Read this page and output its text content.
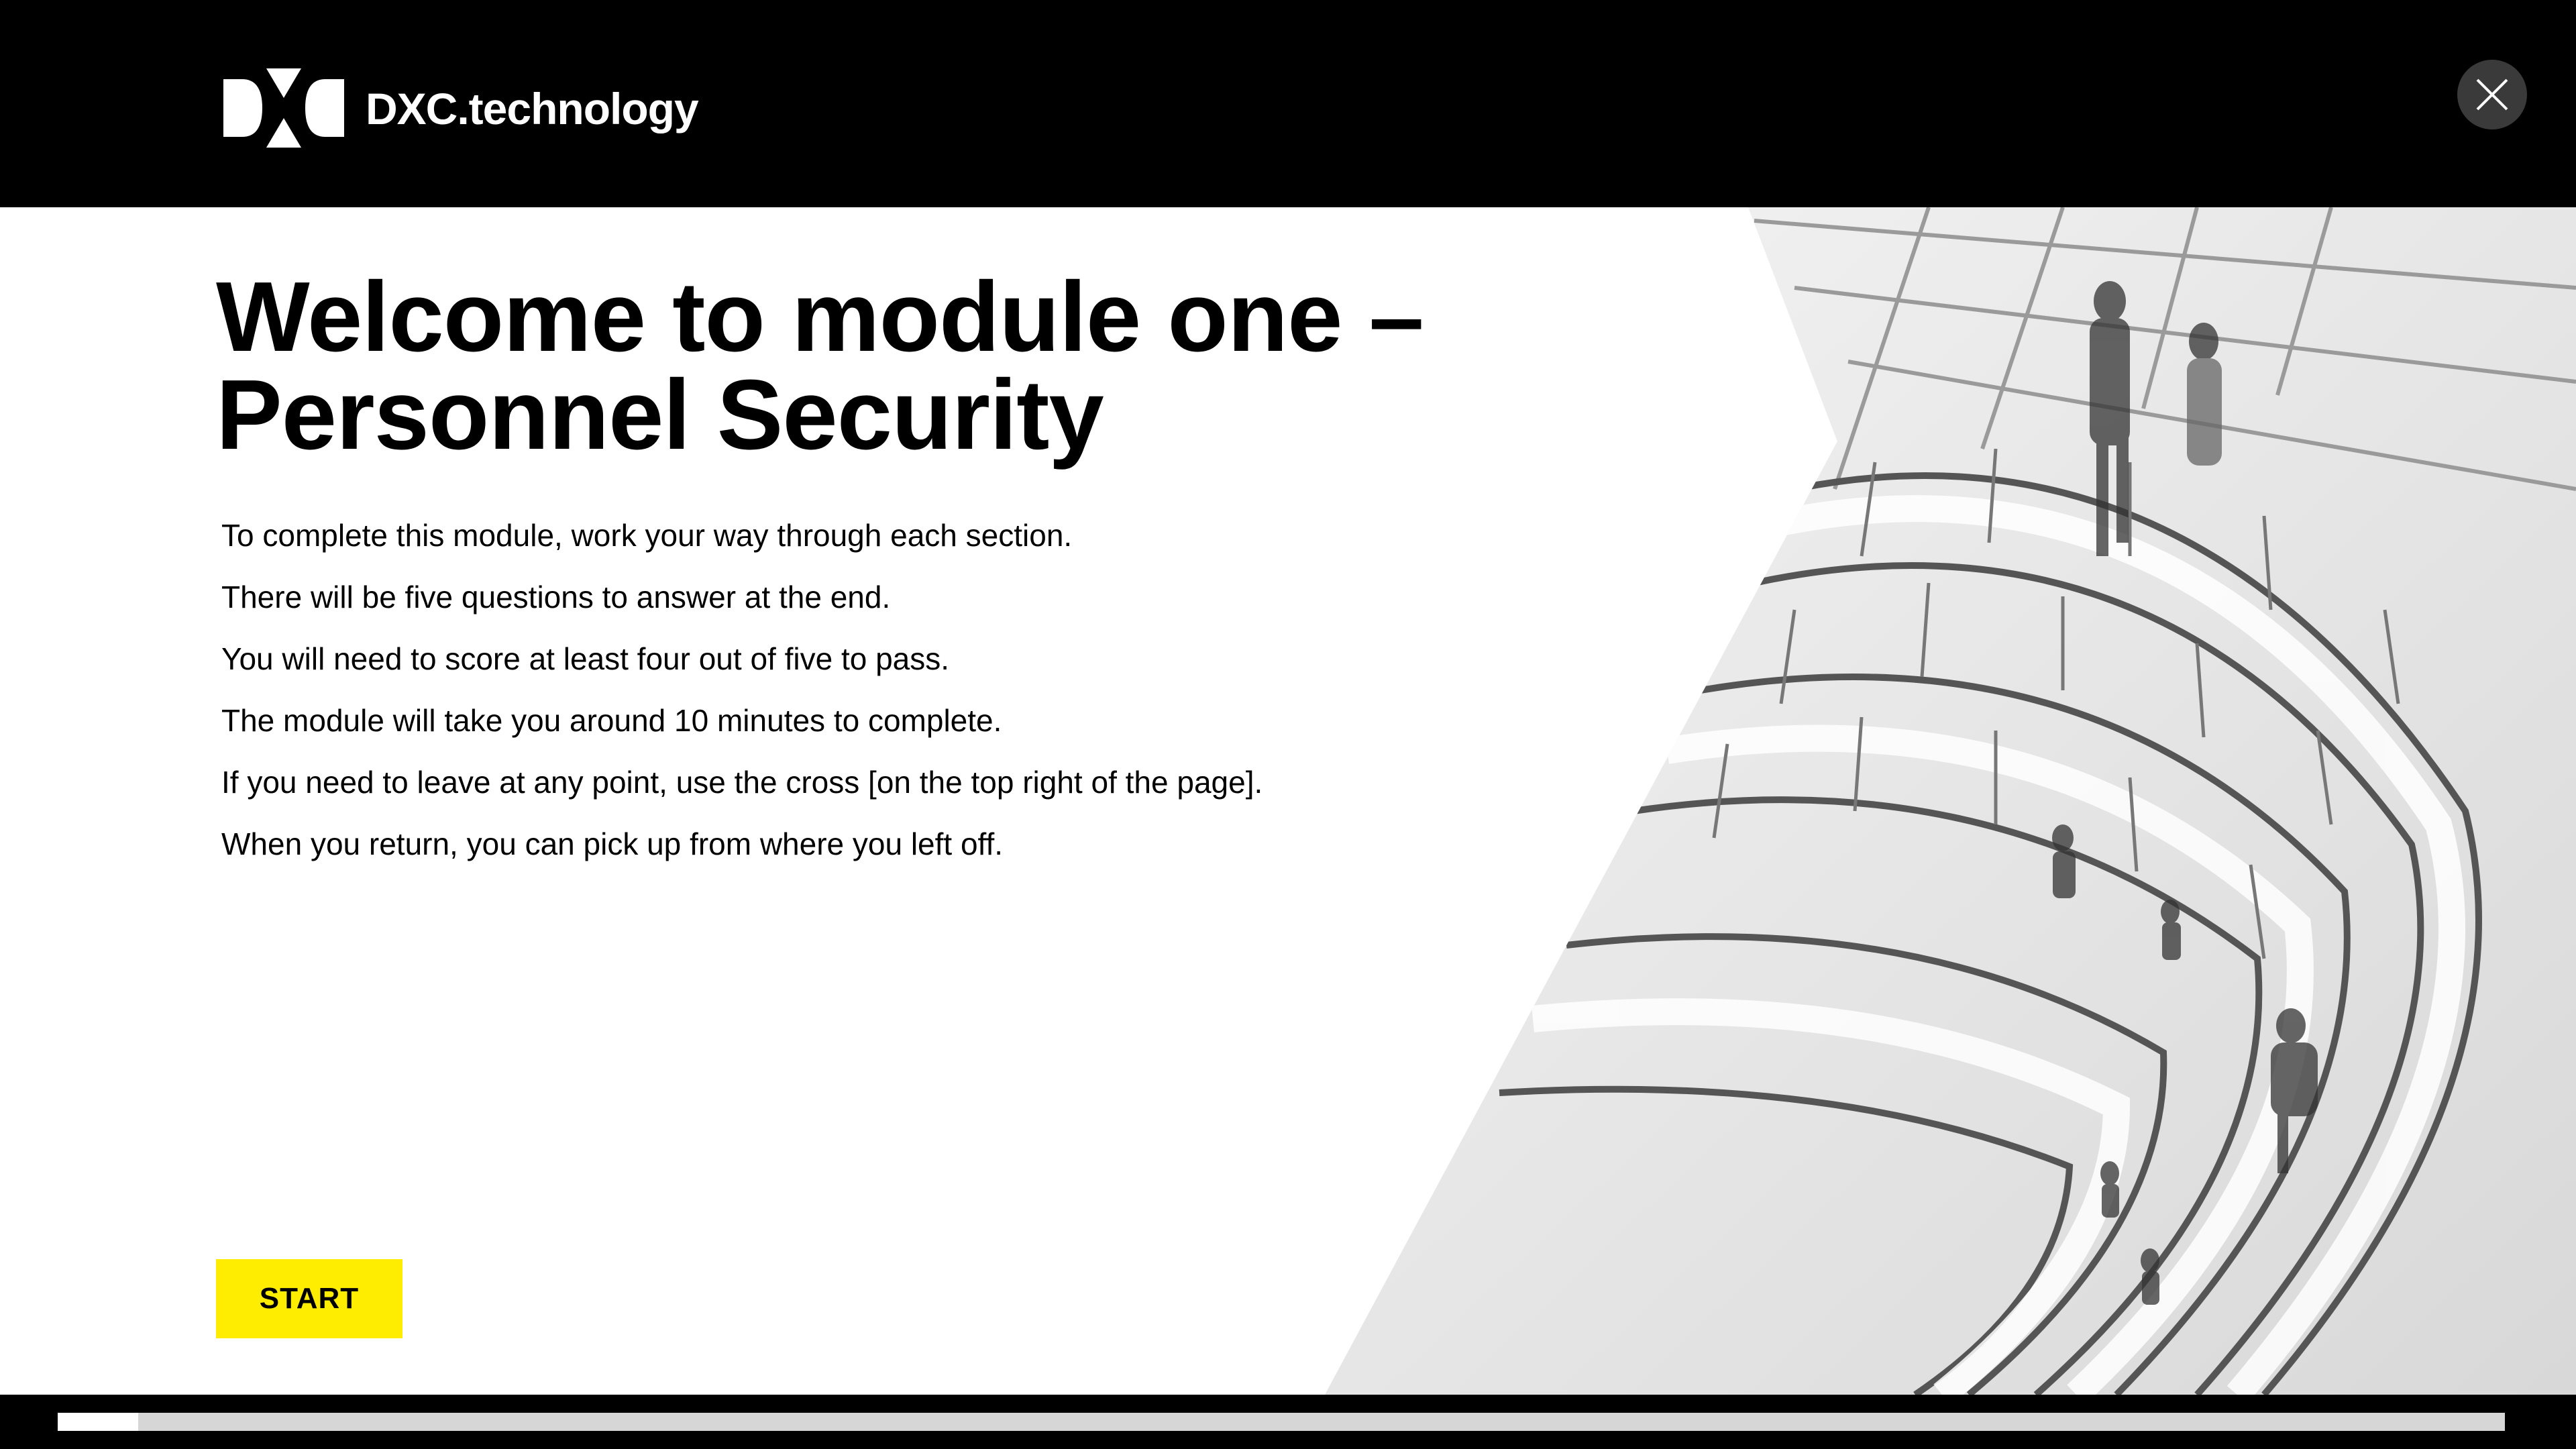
DXC.technology
Welcome to module one –
Personnel Security

To complete this module, work your way through each section.

There will be five questions to answer at the end.

You will need to score at least four out of five to pass.

The module will take you around 10 minutes to complete.

If you need to leave at any point, use the cross [on the top right of the page].

When you return, you can pick up from where you left off.

START
